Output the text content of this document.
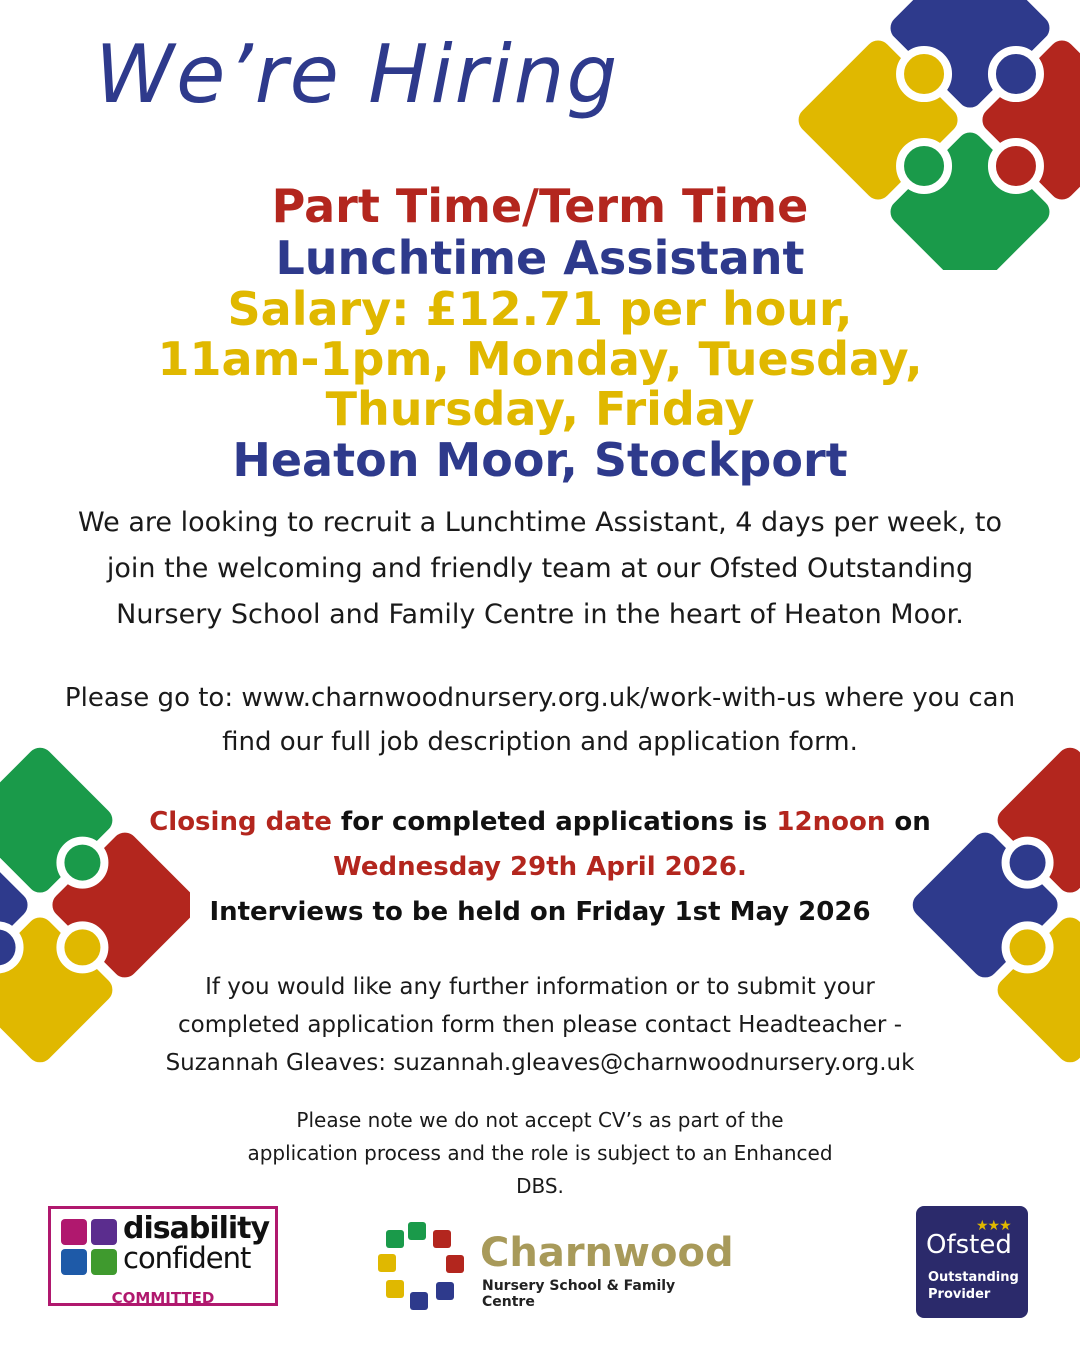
We’re Hiring
Part Time/Term Time
Lunchtime Assistant
Salary: £12.71 per hour,
11am-1pm, Monday, Tuesday,
Thursday, Friday
Heaton Moor, Stockport
We are looking to recruit a Lunchtime Assistant, 4 days per week, to
join the welcoming and friendly team at our Ofsted Outstanding
Nursery School and Family Centre in the heart of Heaton Moor.
Please go to: www.charnwoodnursery.org.uk/work-with-us where you can
find our full job description and application form.
Closing date for completed applications is 12noon on
Wednesday 29th April 2026.
Interviews to be held on Friday 1st May 2026
If you would like any further information or to submit your
completed application form then please contact Headteacher -
Suzannah Gleaves: suzannah.gleaves@charnwoodnursery.org.uk
Please note we do not accept CV’s as part of the
application process and the role is subject to an Enhanced
DBS.
disability
confident
COMMITTED
Charnwood
Nursery School & Family Centre
★★★
Ofsted
Outstanding
Provider
